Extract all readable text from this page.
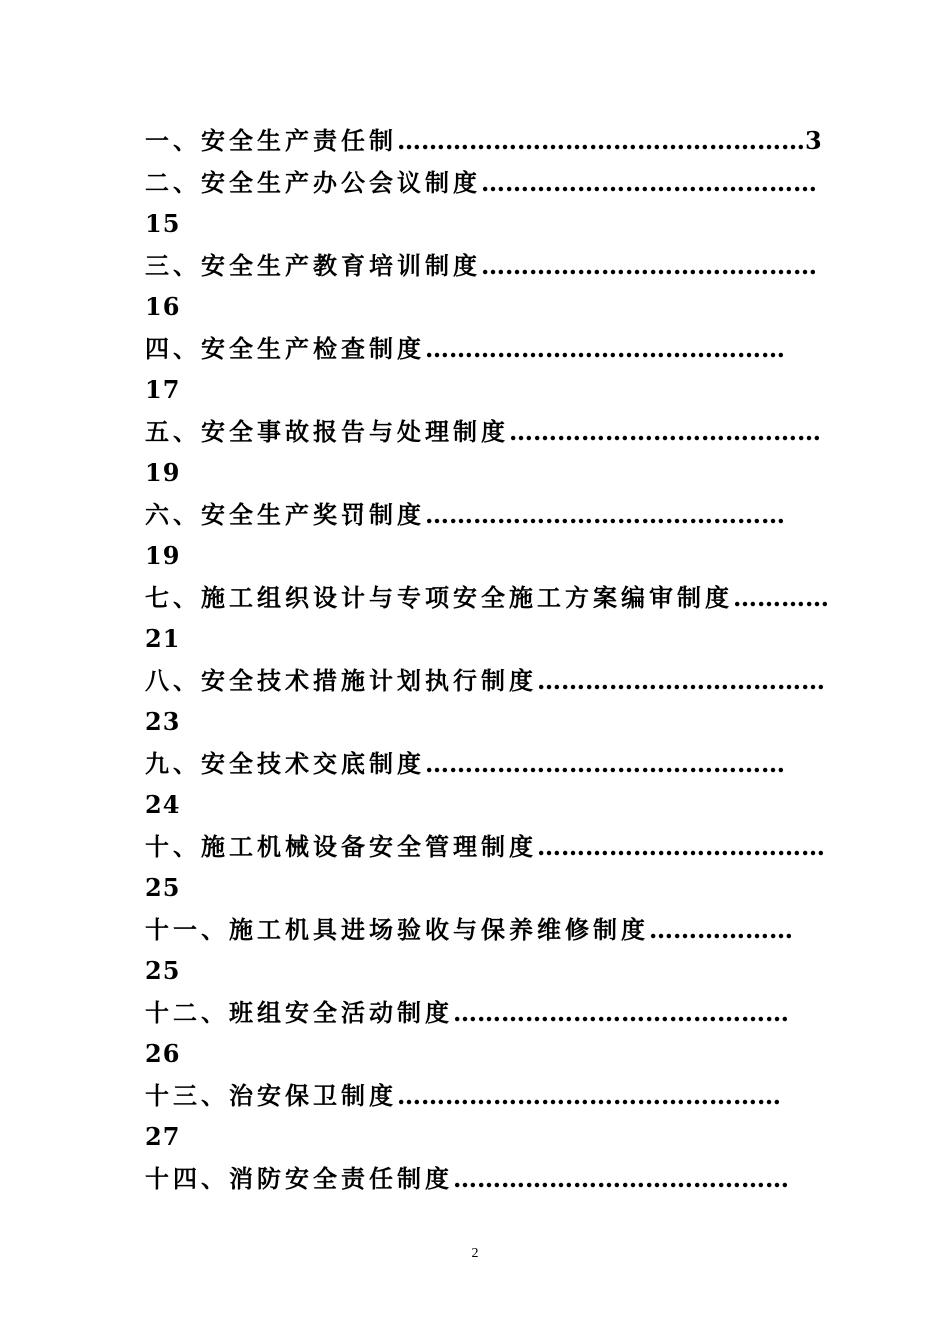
一、安全生产责任制……………………………………………3
二、安全生产办公会议制度……………………………………
15
三、安全生产教育培训制度……………………………………
16
四、安全生产检查制度………………………………………
17
五、安全事故报告与处理制度…………………………………
19
六、安全生产奖罚制度………………………………………
19
七、施工组织设计与专项安全施工方案编审制度…………
21
八、安全技术措施计划执行制度………………………………
23
九、安全技术交底制度………………………………………
24
十、施工机械设备安全管理制度………………………………
25
十一、施工机具进场验收与保养维修制度………………
25
十二、班组安全活动制度……………………………………
26
十三、治安保卫制度…………………………………………
27
十四、消防安全责任制度……………………………………
2
